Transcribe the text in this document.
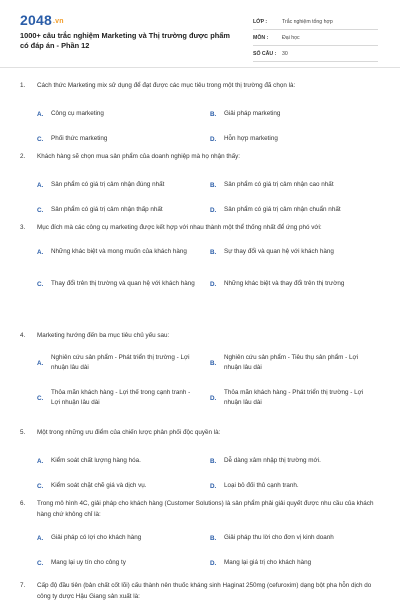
2048.vn
1000+ câu trắc nghiệm Marketing và Thị trường được phẩm có đáp án - Phần 12
LỚP :	Trắc nghiệm tổng hợp
MÔN :	Đại học
SỐ CÂU :	30
1.	Cách thức Marketing mix sử dụng để đạt được các mục tiêu trong một thị trường đã chọn là:
A.	Công cụ marketing	B.	Giải pháp marketing
C.	Phối thức marketing	D.	Hỗn hợp marketing
2.	Khách hàng sẽ chọn mua sản phẩm của doanh nghiệp mà họ nhận thấy:
A.	Sản phẩm có giá trị cảm nhận đúng nhất	B.	Sản phẩm có giá trị cảm nhận cao nhất
C.	Sản phẩm có giá trị cảm nhận thấp nhất	D.	Sản phẩm có giá trị cảm nhận chuẩn nhất
3.	Mục đích mà các công cụ marketing được kết hợp với nhau thành một thể thống nhất để ứng phó với:
A.	Những khác biệt và mong muốn của khách hàng	B.	Sự thay đổi và quan hệ với khách hàng
C.	Thay đổi trên thị trường và quan hệ với khách hàng D.	Những khác biệt và thay đổi trên thị trường
4.	Marketing hướng đến ba mục tiêu chủ yếu sau:
A.
Nghiên cứu sản phẩm - Phát triển thị trường - Lợi nhuận lâu dài
B.
Nghiên cứu sản phẩm - Tiêu thụ sản phẩm - Lợi nhuận lâu dài
C.
Thỏa mãn khách hàng - Lợi thế trong cạnh tranh - Lợi nhuận lâu dài
D.
Thỏa mãn khách hàng - Phát triển thị trường - Lợi nhuận lâu dài
5.	Một trong những ưu điểm của chiến lược phân phối độc quyền là:
A.	Kiểm soát chất lượng hàng hóa.	B.	Dễ dàng xâm nhập thị trường mới.
C.	Kiểm soát chặt chẽ giá và dịch vụ.	D.	Loại bỏ đối thủ cạnh tranh.
6.	Trong mô hình 4C, giải pháp cho khách hàng (Customer Solutions) là sản phẩm phải giải quyết được nhu cầu của khách hàng chứ không chỉ là:
A.	Giải pháp có lợi cho khách hàng	B.	Giải pháp thu lời cho đơn vị kinh doanh
C.	Mang lại uy tín cho công ty	D.	Mang lại giá trị cho khách hàng
7.	Cấp độ đầu tiên (bản chất cốt lõi) cấu thành nên thuốc kháng sinh Haginat 250mg (cefuroxim) dạng bột pha hỗn dịch do công ty dược Hậu Giang sản xuất là:
